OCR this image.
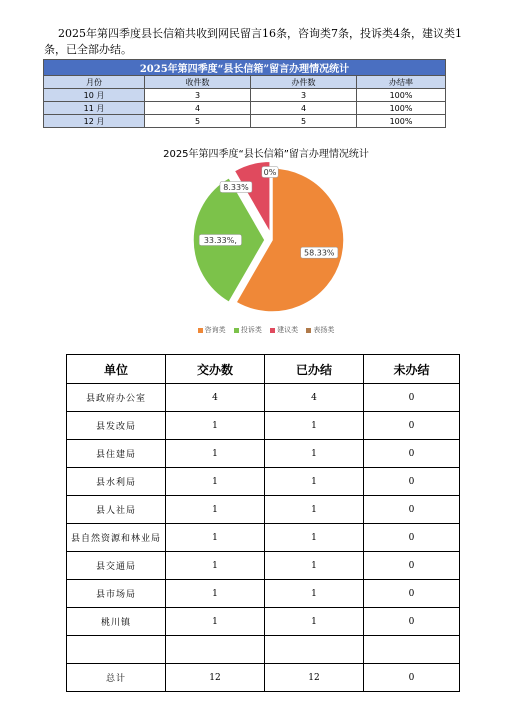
2025年第四季度县长信箱共收到网民留言16条，咨询类7条，投诉类4条，建议类1条，已全部办结。
2025年第四季度“县长信箱”留言办理情况统计			
月份	收件数	办件数	办结率
10 月	3	3	100%
11 月	4	4	100%
12 月	5	5	100%
2025年第四季度“县长信箱”留言办理情况统计
58.33%
33.33%,
8.33%
0%
咨询类 投诉类 建议类 表扬类
单位	交办数	已办结	未办结
县政府办公室	4	4	0
县发改局	1	1	0
县住建局	1	1	0
县水利局	1	1	0
县人社局	1	1	0
县自然资源和林业局	1	1	0
县交通局	1	1	0
县市场局	1	1	0
桃川镇	1	1	0

总计	12	12	0
